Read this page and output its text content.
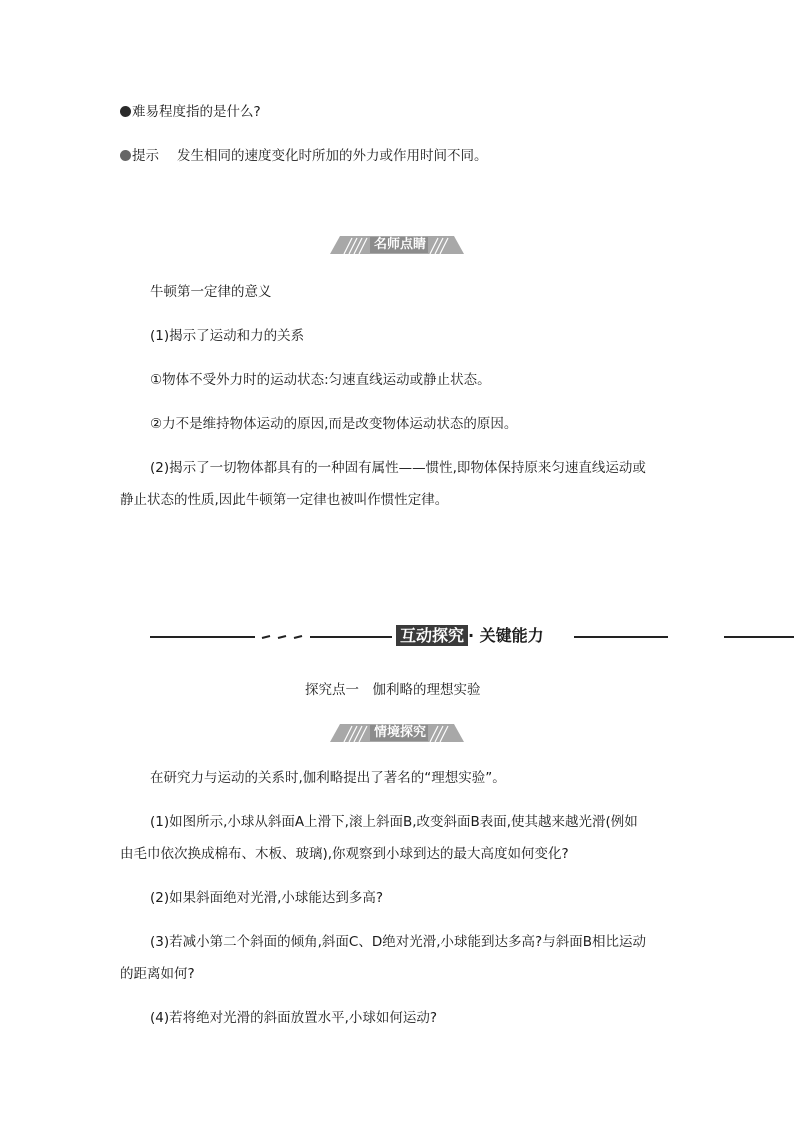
难易程度指的是什么?
提示 发生相同的速度变化时所加的外力或作用时间不同。
名师点睛
牛顿第一定律的意义
(1)揭示了运动和力的关系
①物体不受外力时的运动状态:匀速直线运动或静止状态。
②力不是维持物体运动的原因,而是改变物体运动状态的原因。
(2)揭示了一切物体都具有的一种固有属性——惯性,即物体保持原来匀速直线运动或
静止状态的性质,因此牛顿第一定律也被叫作惯性定律。
互动探究 · 关键能力
探究点一　伽利略的理想实验
情境探究
在研究力与运动的关系时,伽利略提出了著名的“理想实验”。
(1)如图所示,小球从斜面A上滑下,滚上斜面B,改变斜面B表面,使其越来越光滑(例如
由毛巾依次换成棉布、木板、玻璃),你观察到小球到达的最大高度如何变化?
(2)如果斜面绝对光滑,小球能达到多高?
(3)若减小第二个斜面的倾角,斜面C、D绝对光滑,小球能到达多高?与斜面B相比运动
的距离如何?
(4)若将绝对光滑的斜面放置水平,小球如何运动?
